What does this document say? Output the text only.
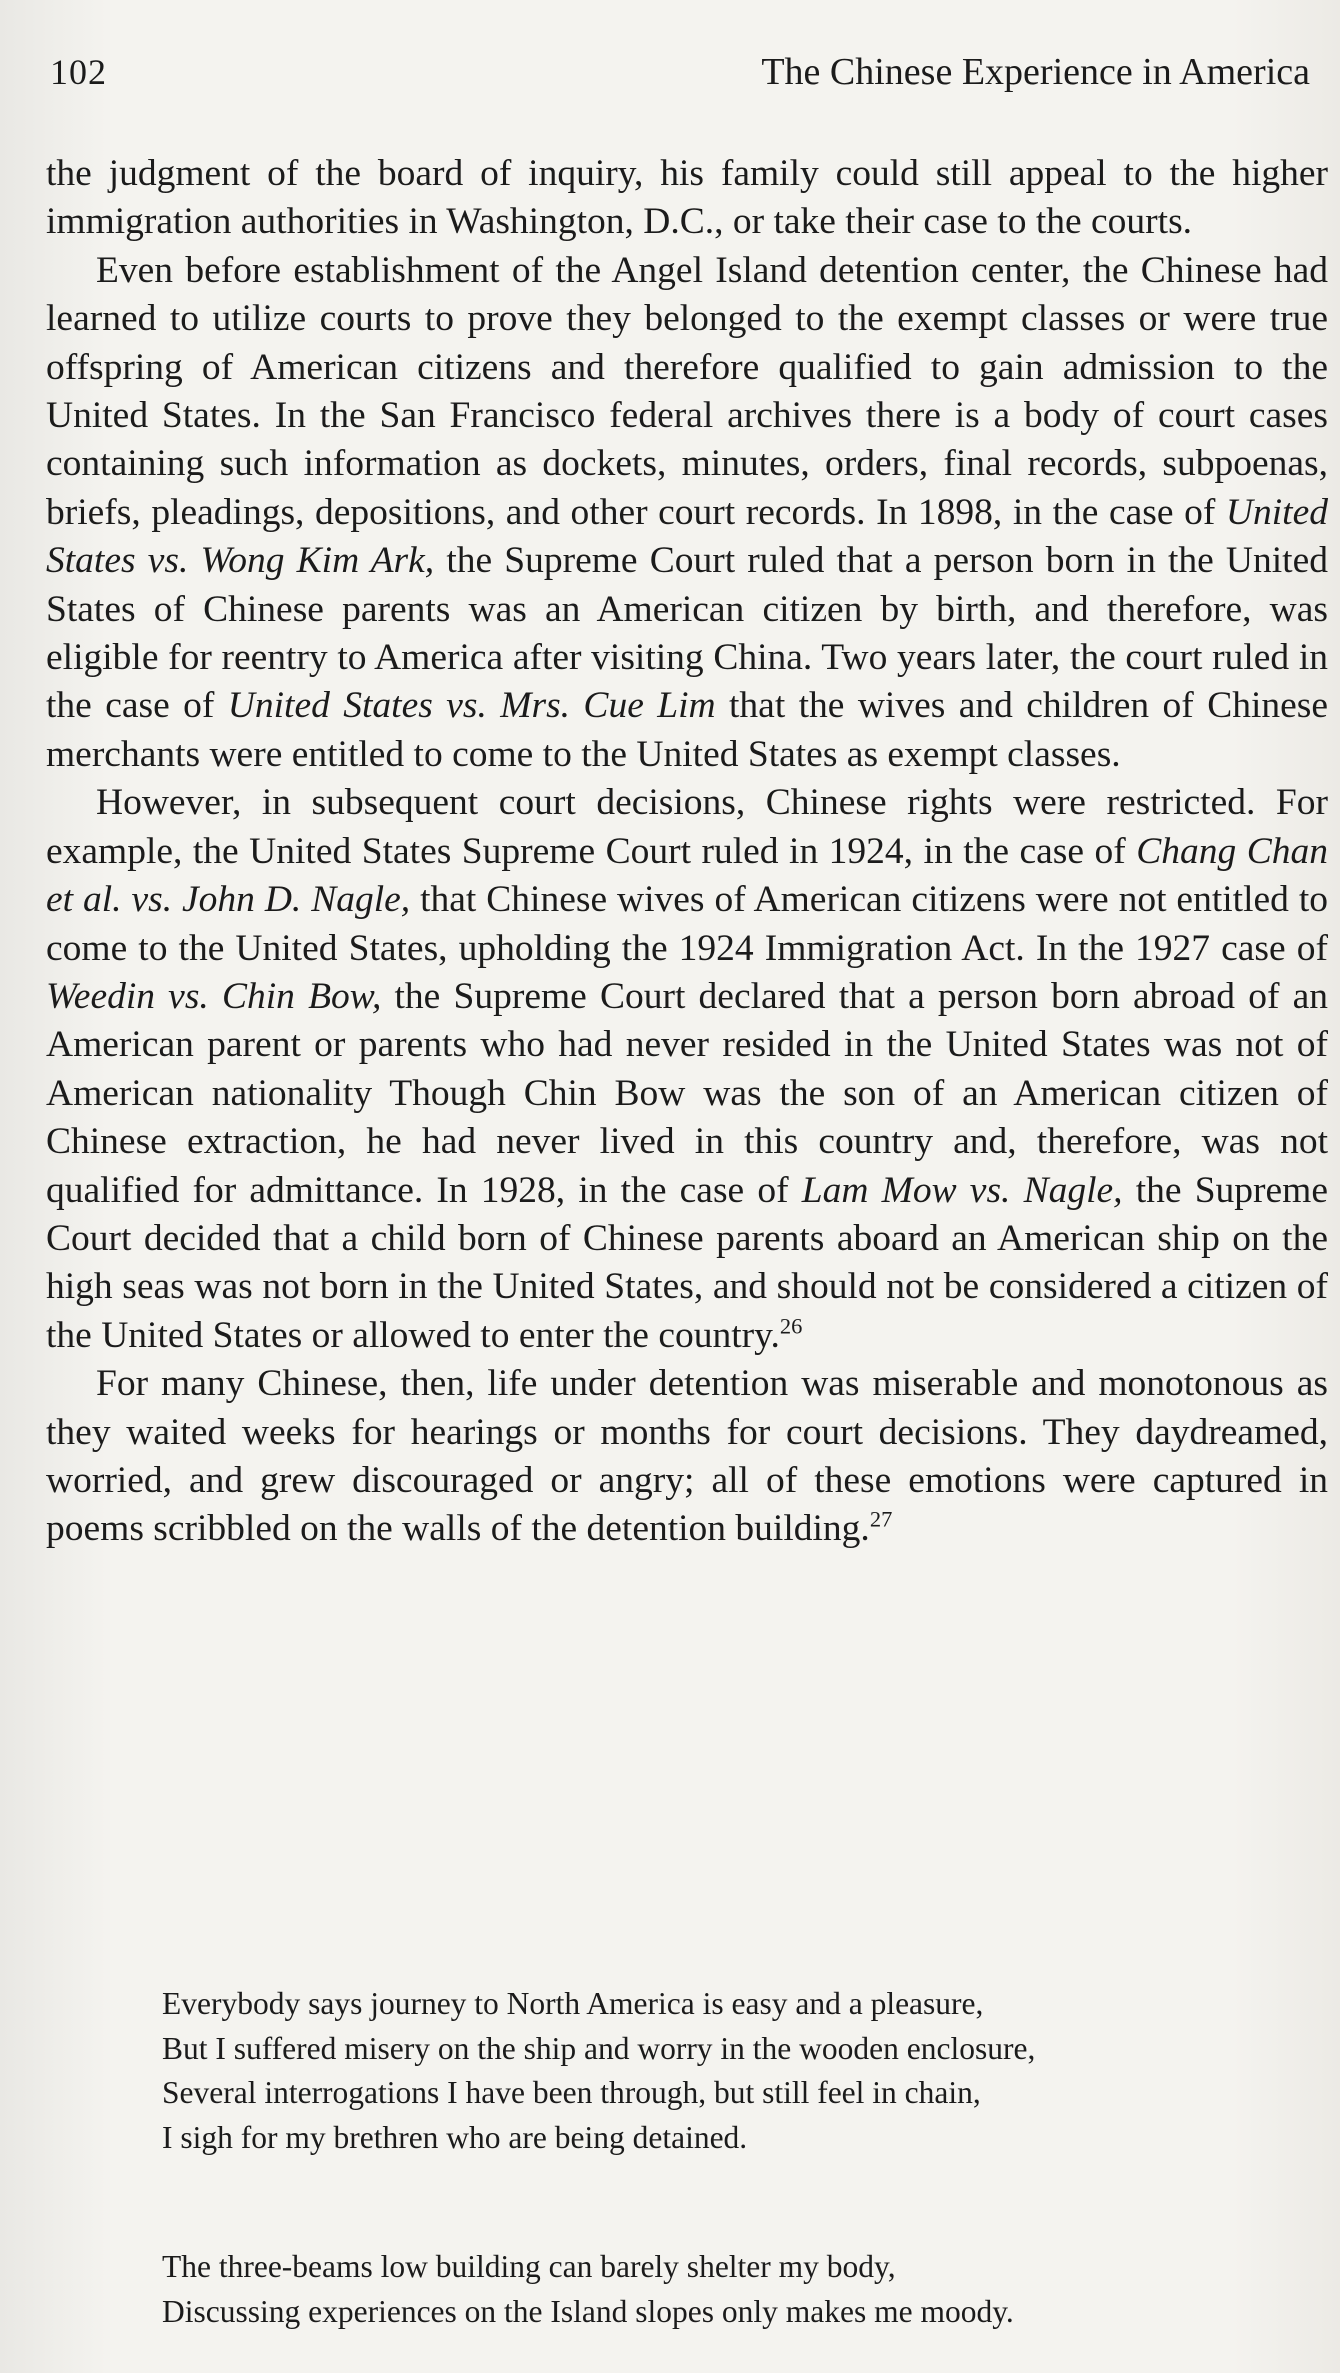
102	The Chinese Experience in America

the judgment of the board of inquiry, his family could still appeal to the higher immigration authorities in Washington, D.C., or take their case to the courts.

Even before establishment of the Angel Island detention center, the Chinese had learned to utilize courts to prove they belonged to the exempt classes or were true offspring of American citizens and therefore qualified to gain admission to the United States. In the San Francisco federal archives there is a body of court cases containing such information as dockets, minutes, orders, final records, subpoenas, briefs, pleadings, depositions, and other court records. In 1898, in the case of United States vs. Wong Kim Ark, the Supreme Court ruled that a person born in the United States of Chinese parents was an American citizen by birth, and therefore, was eligible for reentry to America after visiting China. Two years later, the court ruled in the case of United States vs. Mrs. Cue Lim that the wives and children of Chinese merchants were entitled to come to the United States as exempt classes.

However, in subsequent court decisions, Chinese rights were restricted. For example, the United States Supreme Court ruled in 1924, in the case of Chang Chan et al. vs. John D. Nagle, that Chinese wives of American citizens were not entitled to come to the United States, upholding the 1924 Immigration Act. In the 1927 case of Weedin vs. Chin Bow, the Supreme Court declared that a person born abroad of an American parent or parents who had never resided in the United States was not of American nationality Though Chin Bow was the son of an American citizen of Chinese extraction, he had never lived in this country and, therefore, was not qualified for admittance. In 1928, in the case of Lam Mow vs. Nagle, the Supreme Court decided that a child born of Chinese parents aboard an American ship on the high seas was not born in the United States, and should not be considered a citizen of the United States or allowed to enter the country.$^{26}$

For many Chinese, then, life under detention was miserable and monotonous as they waited weeks for hearings or months for court decisions. They daydreamed, worried, and grew discouraged or angry; all of these emotions were captured in poems scribbled on the walls of the detention building.$^{27}$

Everybody says journey to North America is easy and a pleasure,
But I suffered misery on the ship and worry in the wooden enclosure,
Several interrogations I have been through, but still feel in chain,
I sigh for my brethren who are being detained.
The three-beams low building can barely shelter my body,
Discussing experiences on the Island slopes only makes me moody.
